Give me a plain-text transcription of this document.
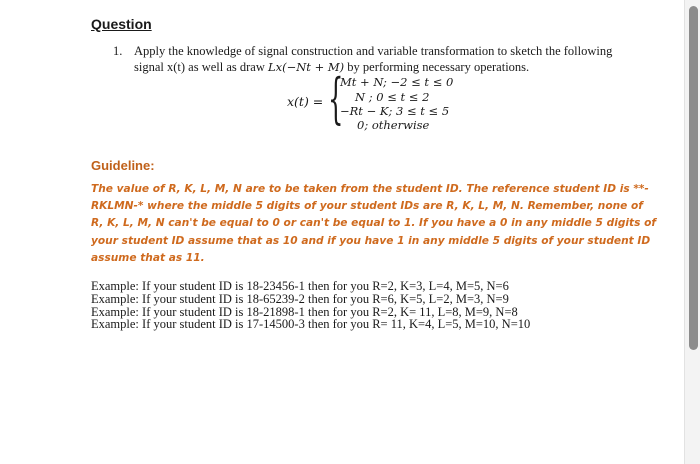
Question
1. Apply the knowledge of signal construction and variable transformation to sketch the following
signal x(t) as well as draw Lx(−Nt + M) by performing necessary operations.
x(t) = {
Mt + N; −2 ≤ t ≤ 0
N ; 0 ≤ t ≤ 2
−Rt − K; 3 ≤ t ≤ 5
0; otherwise
Guideline:
The value of R, K, L, M, N are to be taken from the student ID. The reference student ID is **-
RKLMN-* where the middle 5 digits of your student IDs are R, K, L, M, N. Remember, none of
R, K, L, M, N can't be equal to 0 or can't be equal to 1. If you have a 0 in any middle 5 digits of
your student ID assume that as 10 and if you have 1 in any middle 5 digits of your student ID
assume that as 11.
Example: If your student ID is 18-23456-1 then for you R=2, K=3, L=4, M=5, N=6
Example: If your student ID is 18-65239-2 then for you R=6, K=5, L=2, M=3, N=9
Example: If your student ID is 18-21898-1 then for you R=2, K= 11, L=8, M=9, N=8
Example: If your student ID is 17-14500-3 then for you R= 11, K=4, L=5, M=10, N=10
